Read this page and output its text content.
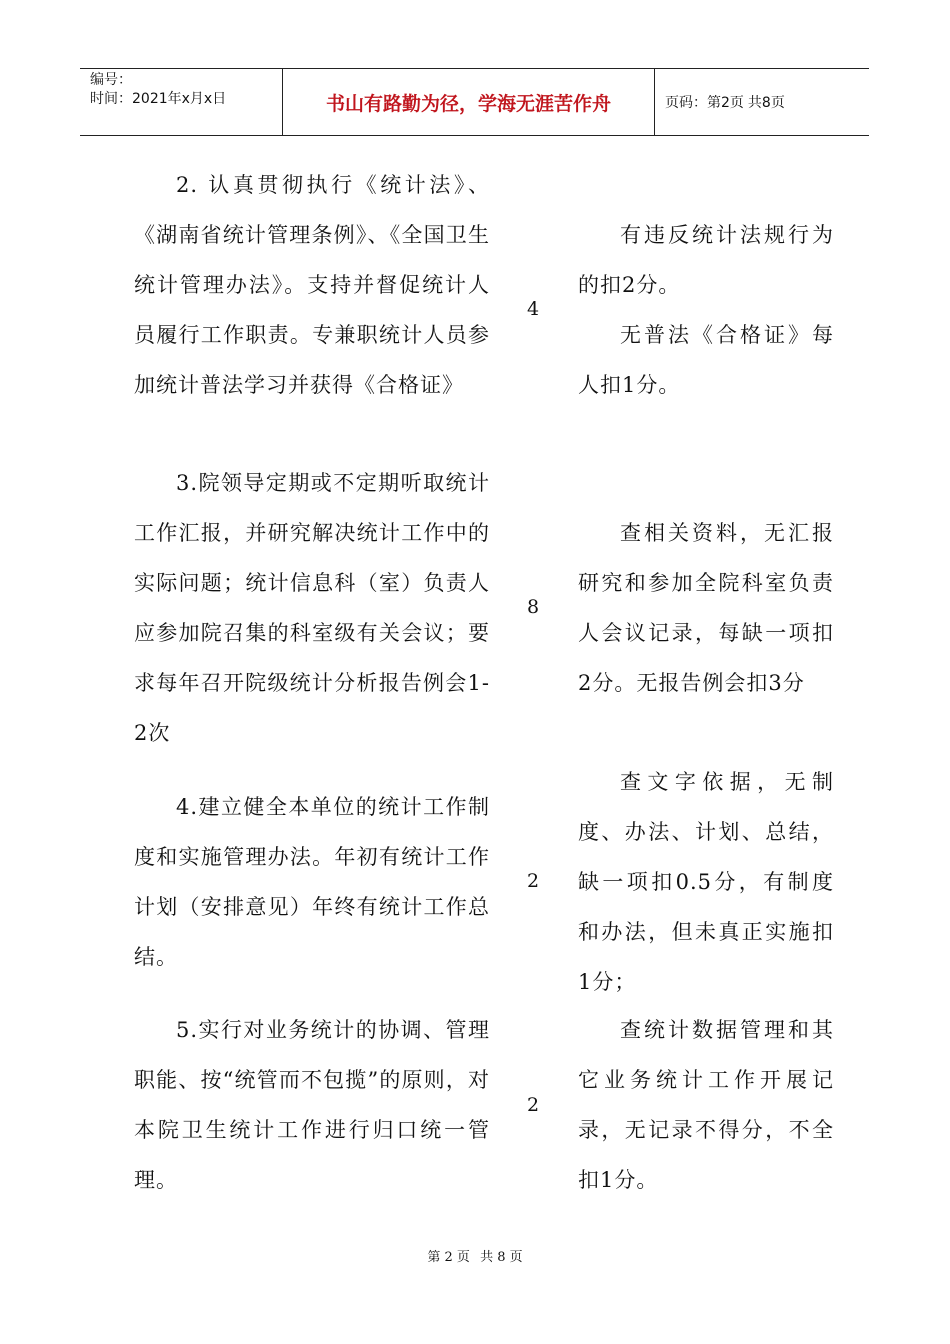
编号：
时间：2021年x月x日	书山有路勤为径，学海无涯苦作舟	页码：第2页 共8页

2. 认真贯彻执行《统计法》、《湖南省统计管理条例》、《全国卫生统计管理办法》。支持并督促统计人员履行工作职责。专兼职统计人员参加统计普法学习并获得《合格证》

4

有违反统计法规行为的扣2分。

无普法《合格证》每人扣1分。

3.院领导定期或不定期听取统计工作汇报，并研究解决统计工作中的实际问题；统计信息科（室）负责人应参加院召集的科室级有关会议；要求每年召开院级统计分析报告例会1-2次

8

查相关资料，无汇报研究和参加全院科室负责人会议记录，每缺一项扣2分。无报告例会扣3分

4.建立健全本单位的统计工作制度和实施管理办法。年初有统计工作计划（安排意见）年终有统计工作总结。

2

查文字依据，无制度、办法、计划、总结，缺一项扣0.5分，有制度和办法，但未真正实施扣1分；

5.实行对业务统计的协调、管理职能、按“统管而不包揽”的原则，对本院卫生统计工作进行归口统一管理。

2

查统计数据管理和其它业务统计工作开展记录，无记录不得分，不全扣1分。

第 2 页 共 8 页
